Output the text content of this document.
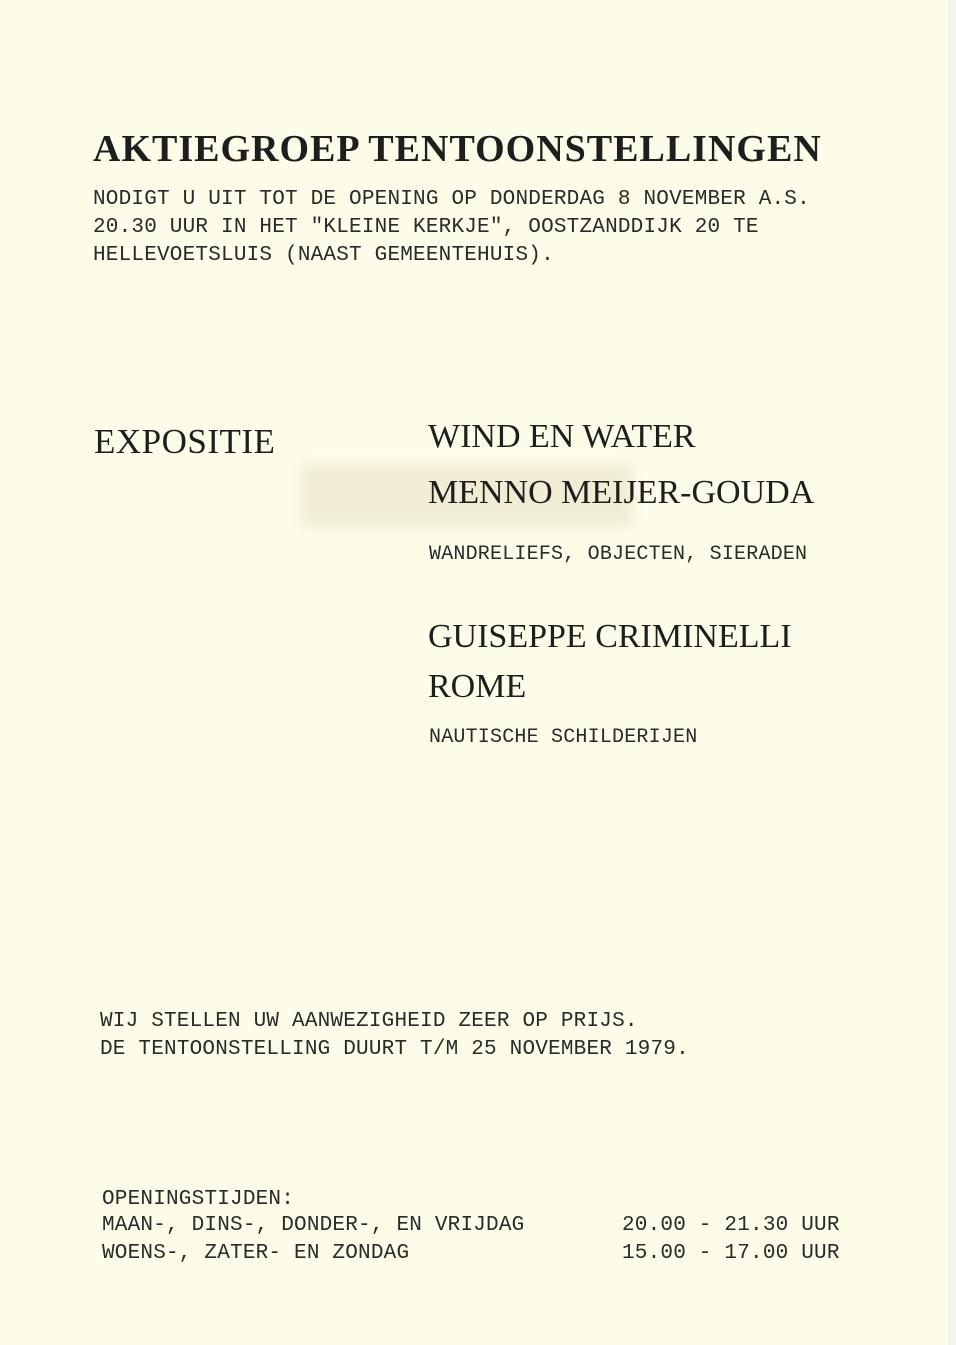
AKTIEGROEP TENTOONSTELLINGEN
NODIGT U UIT TOT DE OPENING OP DONDERDAG 8 NOVEMBER A.S.
20.30 UUR IN HET "KLEINE KERKJE", OOSTZANDDIJK 20 TE
HELLEVOETSLUIS (NAAST GEMEENTEHUIS).
EXPOSITIE	WIND EN WATER
MENNO MEIJER-GOUDA
WANDRELIEFS, OBJECTEN, SIERADEN
GUISEPPE CRIMINELLI
ROME
NAUTISCHE SCHILDERIJEN
WIJ STELLEN UW AANWEZIGHEID ZEER OP PRIJS.
DE TENTOONSTELLING DUURT T/M 25 NOVEMBER 1979.
OPENINGSTIJDEN:
MAAN-, DINS-, DONDER-, EN VRIJDAG	20.00 - 21.30 UUR
WOENS-, ZATER- EN ZONDAG	15.00 - 17.00 UUR
